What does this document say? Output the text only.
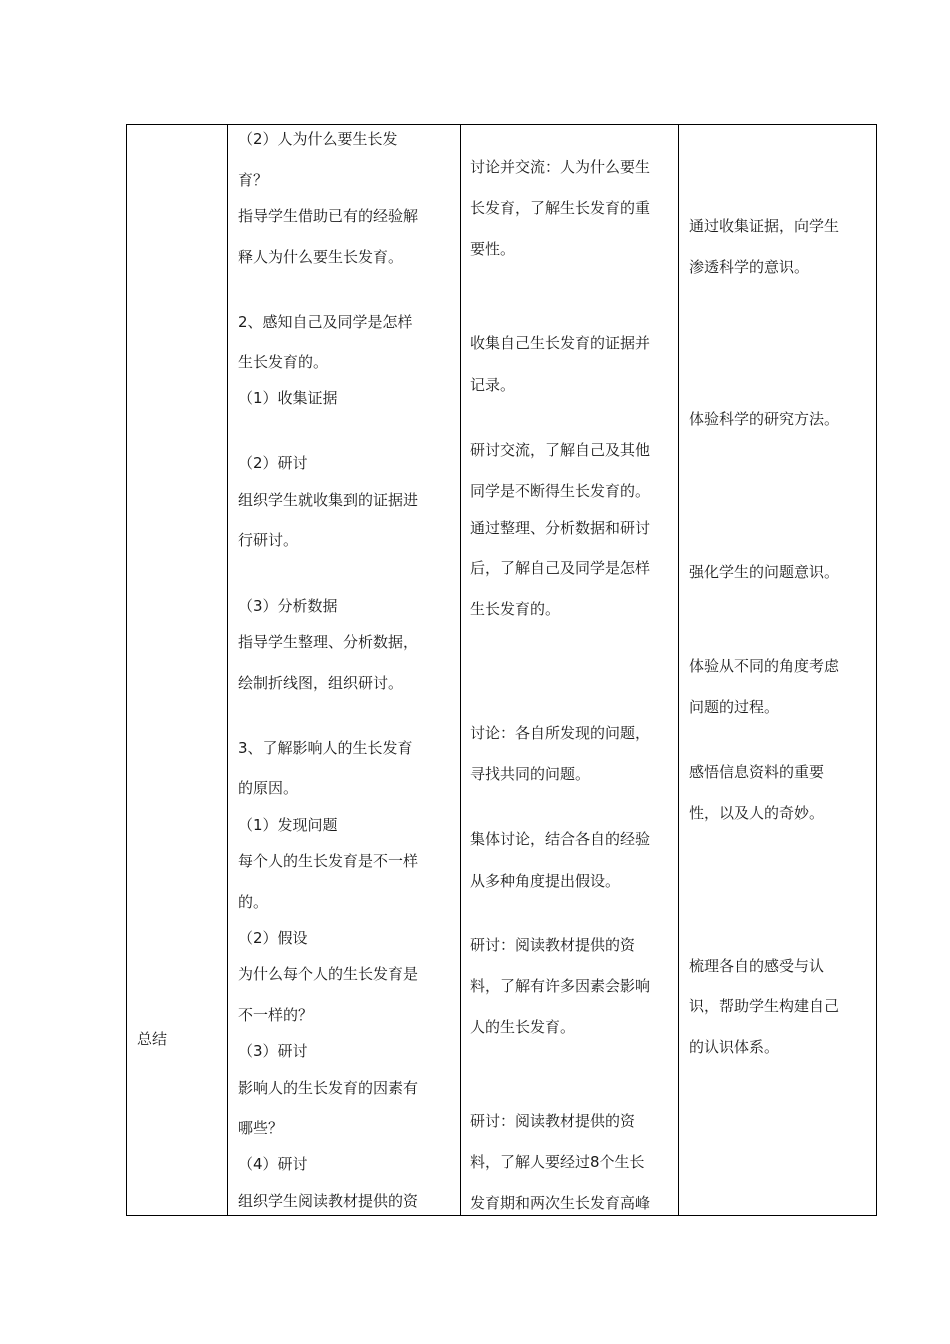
总结

（2）人为什么要生长发
育？
指导学生借助已有的经验解
释人为什么要生长发育。
2、感知自己及同学是怎样
生长发育的。
（1）收集证据
（2）研讨
组织学生就收集到的证据进
行研讨。
（3）分析数据
指导学生整理、分析数据，
绘制折线图，组织研讨。
3、了解影响人的生长发育
的原因。
（1）发现问题
每个人的生长发育是不一样
的。
（2）假设
为什么每个人的生长发育是
不一样的？
（3）研讨
影响人的生长发育的因素有
哪些？
（4）研讨
组织学生阅读教材提供的资

讨论并交流：人为什么要生
长发育，了解生长发育的重
要性。
收集自己生长发育的证据并
记录。
研讨交流，了解自己及其他
同学是不断得生长发育的。
通过整理、分析数据和研讨
后，了解自己及同学是怎样
生长发育的。
讨论：各自所发现的问题，
寻找共同的问题。
集体讨论，结合各自的经验
从多种角度提出假设。
研讨：阅读教材提供的资
料，了解有许多因素会影响
人的生长发育。
研讨：阅读教材提供的资
料，了解人要经过8个生长
发育期和两次生长发育高峰

通过收集证据，向学生
渗透科学的意识。
体验科学的研究方法。
强化学生的问题意识。
体验从不同的角度考虑
问题的过程。
感悟信息资料的重要
性，以及人的奇妙。
梳理各自的感受与认
识，帮助学生构建自己
的认识体系。
